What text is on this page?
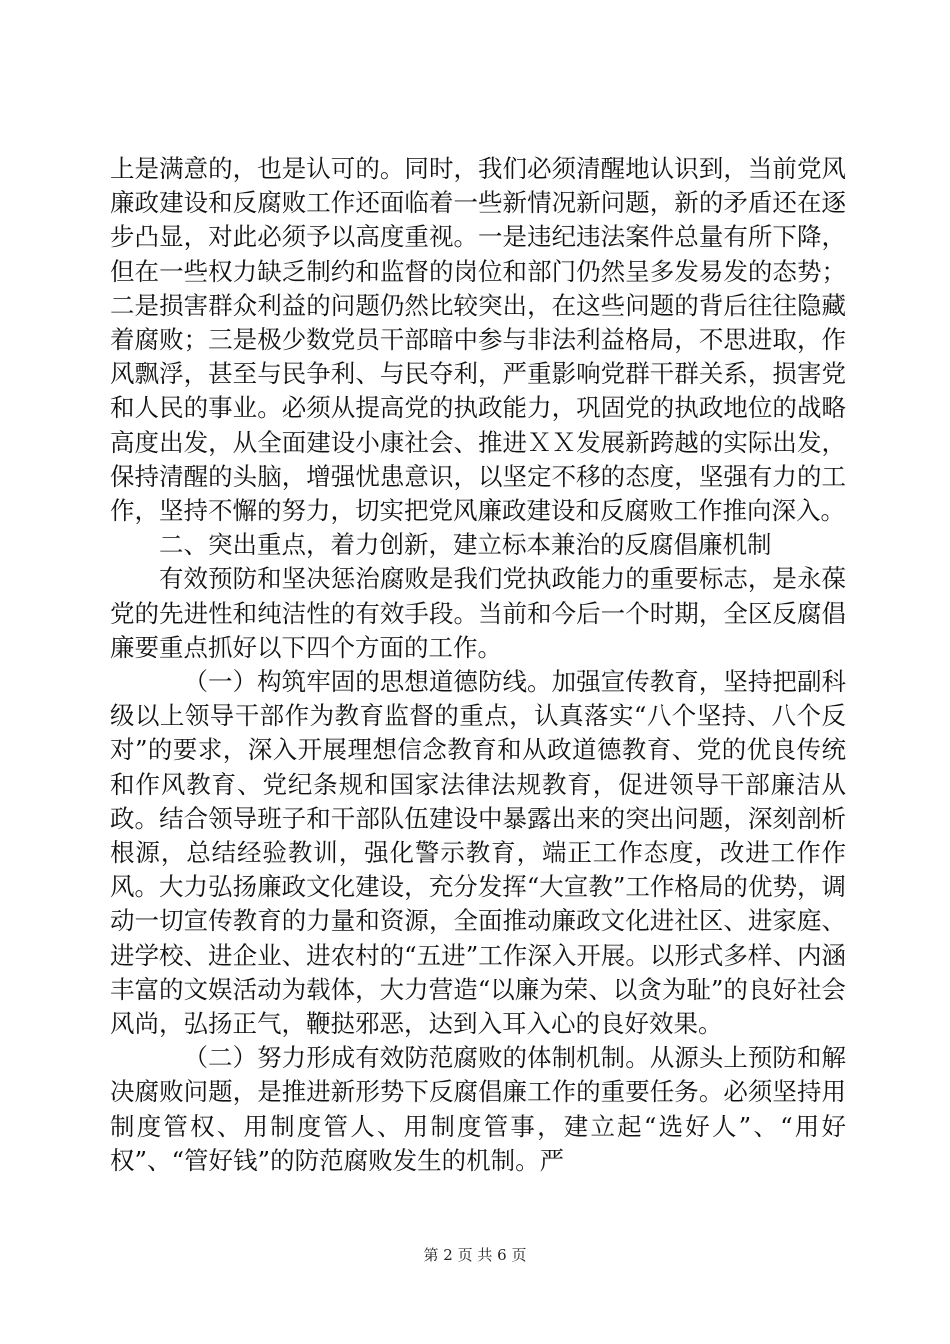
上是满意的，也是认可的。同时，我们必须清醒地认识到，当前党风廉政建设和反腐败工作还面临着一些新情况新问题，新的矛盾还在逐步凸显，对此必须予以高度重视。一是违纪违法案件总量有所下降，但在一些权力缺乏制约和监督的岗位和部门仍然呈多发易发的态势；二是损害群众利益的问题仍然比较突出，在这些问题的背后往往隐藏着腐败；三是极少数党员干部暗中参与非法利益格局，不思进取，作风飘浮，甚至与民争利、与民夺利，严重影响党群干群关系，损害党和人民的事业。必须从提高党的执政能力，巩固党的执政地位的战略高度出发，从全面建设小康社会、推进ＸＸ发展新跨越的实际出发，保持清醒的头脑，增强忧患意识，以坚定不移的态度，坚强有力的工作，坚持不懈的努力，切实把党风廉政建设和反腐败工作推向深入。

二、突出重点，着力创新，建立标本兼治的反腐倡廉机制

有效预防和坚决惩治腐败是我们党执政能力的重要标志，是永葆党的先进性和纯洁性的有效手段。当前和今后一个时期，全区反腐倡廉要重点抓好以下四个方面的工作。

（一）构筑牢固的思想道德防线。加强宣传教育，坚持把副科级以上领导干部作为教育监督的重点，认真落实“八个坚持、八个反对”的要求，深入开展理想信念教育和从政道德教育、党的优良传统和作风教育、党纪条规和国家法律法规教育，促进领导干部廉洁从政。结合领导班子和干部队伍建设中暴露出来的突出问题，深刻剖析根源，总结经验教训，强化警示教育，端正工作态度，改进工作作风。大力弘扬廉政文化建设，充分发挥“大宣教”工作格局的优势，调动一切宣传教育的力量和资源，全面推动廉政文化进社区、进家庭、进学校、进企业、进农村的“五进”工作深入开展。以形式多样、内涵丰富的文娱活动为载体，大力营造“以廉为荣、以贪为耻”的良好社会风尚，弘扬正气，鞭挞邪恶，达到入耳入心的良好效果。

（二）努力形成有效防范腐败的体制机制。从源头上预防和解决腐败问题，是推进新形势下反腐倡廉工作的重要任务。必须坚持用制度管权、用制度管人、用制度管事，建立起“选好人”、“用好权”、“管好钱”的防范腐败发生的机制。严

第 2 页 共 6 页
